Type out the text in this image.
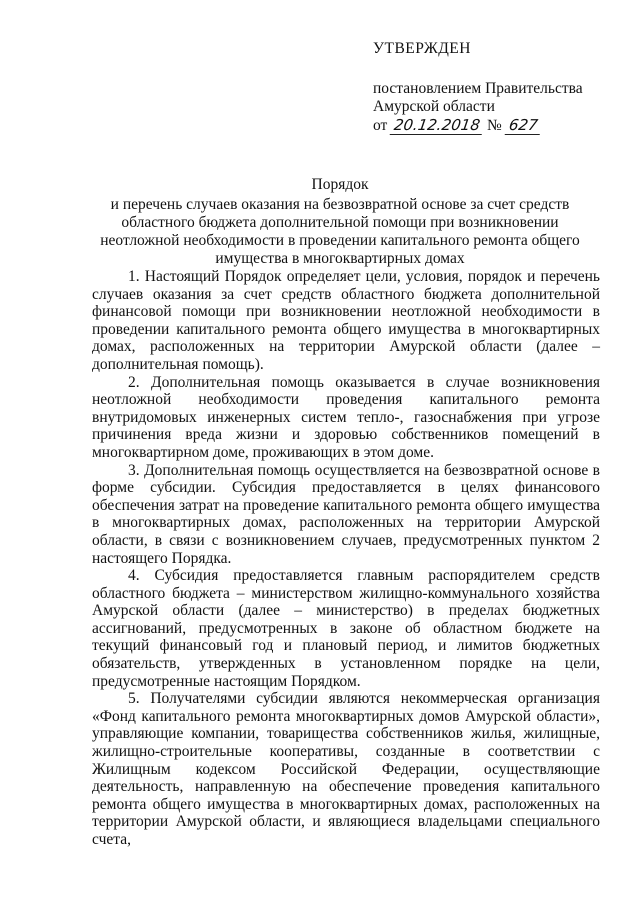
УТВЕРЖДЕН
постановлением Правительства
Амурской области
от 20.12.2018 № 627
Порядок
и перечень случаев оказания на безвозвратной основе за счет средств областного бюджета дополнительной помощи при возникновении неотложной необходимости в проведении капитального ремонта общего имущества в многоквартирных домах

1. Настоящий Порядок определяет цели, условия, порядок и перечень случаев оказания за счет средств областного бюджета дополнительной финансовой помощи при возникновении неотложной необходимости в проведении капитального ремонта общего имущества в многоквартирных домах, расположенных на территории Амурской области (далее – дополнительная помощь).

2. Дополнительная помощь оказывается в случае возникновения неотложной необходимости проведения капитального ремонта внутридомовых инженерных систем тепло-, газоснабжения при угрозе причинения вреда жизни и здоровью собственников помещений в многоквартирном доме, проживающих в этом доме.

3. Дополнительная помощь осуществляется на безвозвратной основе в форме субсидии. Субсидия предоставляется в целях финансового обеспечения затрат на проведение капитального ремонта общего имущества в многоквартирных домах, расположенных на территории Амурской области, в связи с возникновением случаев, предусмотренных пунктом 2 настоящего Порядка.

4. Субсидия предоставляется главным распорядителем средств областного бюджета – министерством жилищно-коммунального хозяйства Амурской области (далее – министерство) в пределах бюджетных ассигнований, предусмотренных в законе об областном бюджете на текущий финансовый год и плановый период, и лимитов бюджетных обязательств, утвержденных в установленном порядке на цели, предусмотренные настоящим Порядком.

5. Получателями субсидии являются некоммерческая организация «Фонд капитального ремонта многоквартирных домов Амурской области», управляющие компании, товарищества собственников жилья, жилищные, жилищно-строительные кооперативы, созданные в соответствии с Жилищным кодексом Российской Федерации, осуществляющие деятельность, направленную на обеспечение проведения капитального ремонта общего имущества в многоквартирных домах, расположенных на территории Амурской области, и являющиеся владельцами специального счета,
